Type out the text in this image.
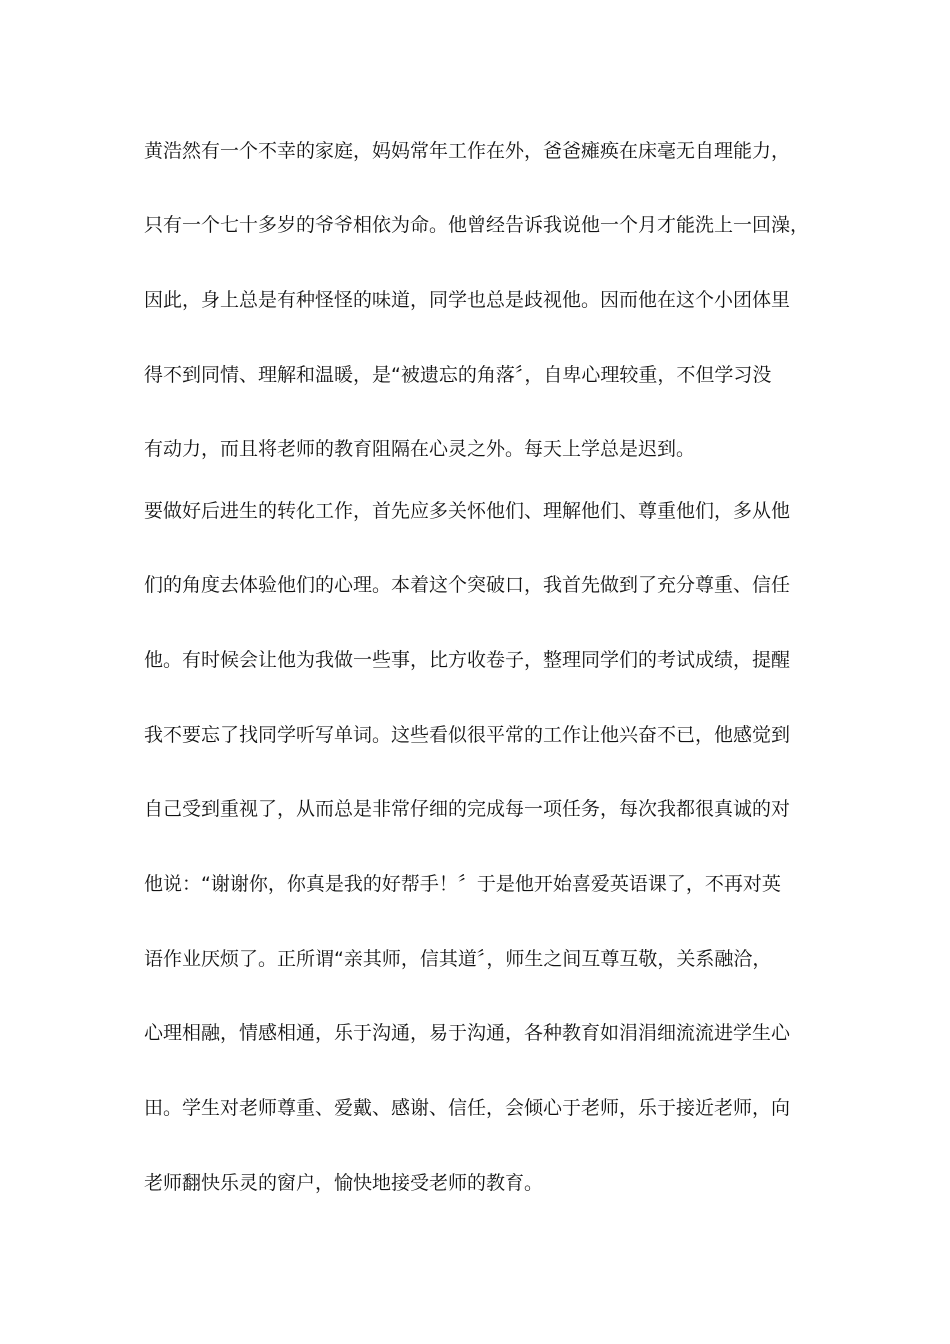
黄浩然有一个不幸的家庭，妈妈常年工作在外，爸爸瘫痪在床毫无自理能力，
只有一个七十多岁的爷爷相依为命。他曾经告诉我说他一个月才能洗上一回澡，
因此，身上总是有种怪怪的味道，同学也总是歧视他。因而他在这个小团体里
得不到同情、理解和温暖，是“被遗忘的角落〞，自卑心理较重，不但学习没
有动力，而且将老师的教育阻隔在心灵之外。每天上学总是迟到。
要做好后进生的转化工作，首先应多关怀他们、理解他们、尊重他们，多从他
们的角度去体验他们的心理。本着这个突破口，我首先做到了充分尊重、信任
他。有时候会让他为我做一些事，比方收卷子，整理同学们的考试成绩，提醒
我不要忘了找同学听写单词。这些看似很平常的工作让他兴奋不已，他感觉到
自己受到重视了，从而总是非常仔细的完成每一项任务，每次我都很真诚的对
他说：“谢谢你，你真是我的好帮手！〞于是他开始喜爱英语课了，不再对英
语作业厌烦了。正所谓“亲其师，信其道〞，师生之间互尊互敬，关系融洽，
心理相融，情感相通，乐于沟通，易于沟通，各种教育如涓涓细流流进学生心
田。学生对老师尊重、爱戴、感谢、信任，会倾心于老师，乐于接近老师，向
老师翻快乐灵的窗户，愉快地接受老师的教育。
